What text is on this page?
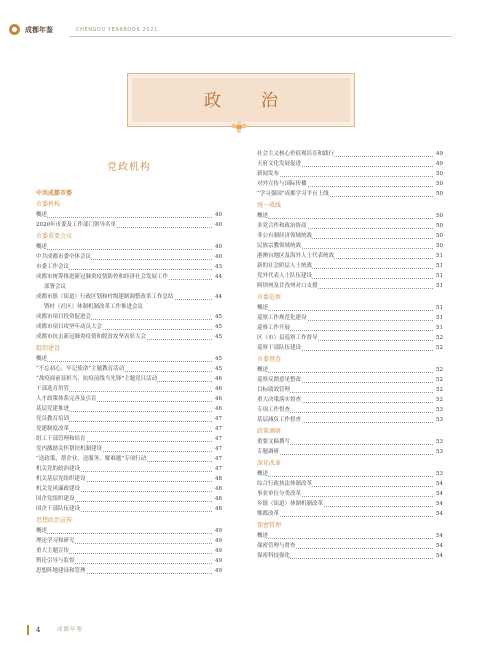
成都年鉴	CHENGDU YEARBOOK 2021
政治
党政机构
中共成都市委
市委机构
概述	40
2020年市委及工作部门领导名单	40
市委重要会议
概述	40
中共成都市委全体会议	40
市委工作会议	43
成都市统筹推进新冠肺炎疫情防控和经济社会发展工作	44
部署会议
成都市镇（街道）行政区划和村级建制调整改革工作总结	44
暨村（社区）体制机制改革工作推进会议
成都市项目投资促进会	45
成都市项目攻坚年动员大会	45
成都市抗击新冠肺炎疫情和脱贫攻坚表彰大会	45
组织建设
概述	45
“不忘初心、牢记使命”主题教育活动	45
“战疫面前显担当，抗疫前线当先锋”主题党日活动	46
干部选育用管	46
人才政策体系完善及引育	46
基层党建推进	46
党员教育培训	47
党建制度改革	47
组工干部管理和培育	47
党内激励关怀帮扶机制建设	47
“送政策、帮企业、送服务、解难题”专项行动	47
机关党的政治建设	47
机关基层党组织建设	48
机关党风廉政建设	48
国企党组织建设	48
国企干部队伍建设	48
思想政治宣传
概述	49
理论学习和研究	49
重大主题宣传	49
舆论引导与监督	49
思想阵地建设和管理	49
社会主义核心价值观培育和践行	49
天府文化发展促进	49
新闻发布	50
对外宣传与国际传播	50
“学习强国”成都学习平台上线	50
统一战线
概述	50
多党合作和政治协商	50
非公有制经济领域统战	50
民族宗教领域统战	50
港澳台地区及海外人士代表统战	51
新的社会阶层人士统战	51
党外代表人士队伍建设	51
阿坝州及甘孜州对口支援	51
市委巡察
概述	51
巡察工作规范化建设	51
巡察工作开展	51
区（市）县巡察工作督导	52
巡察干部队伍建设	52
市委督查
概述	52
巡察反馈意见整改	52
目标绩效管理	52
重大决策落实督查	52
专项工作督查	53
基层减负工作督查	53
政策调研
重要文稿撰写	53
专题调研	53
深化改革
概述	53
综合行政执法体制改革	54
事业单位分类改革	54
乡镇（街道）体制机制改革	54
郫都改革	54
保密管理
概述	54
保密管理与督查	54
保密科技强化	54
4	成都年鉴
